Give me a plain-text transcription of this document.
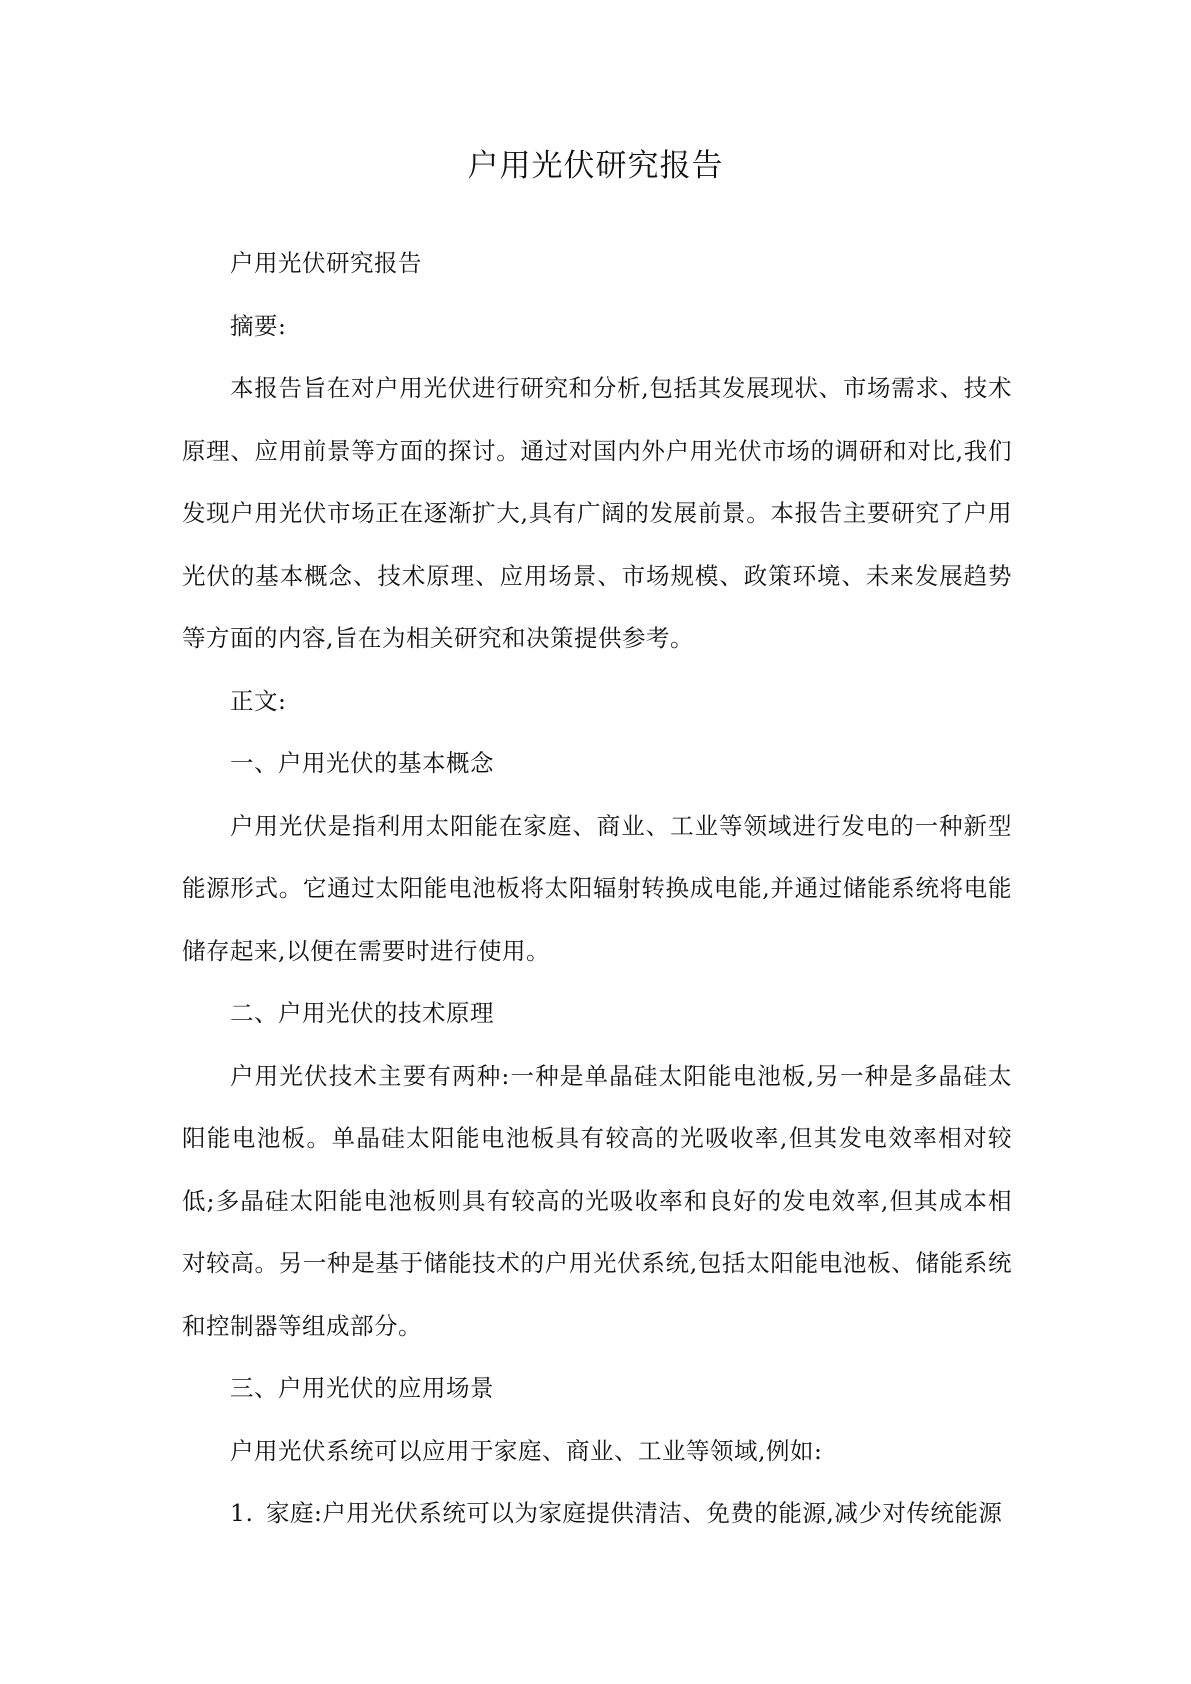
户用光伏研究报告

户用光伏研究报告

摘要:

本报告旨在对户用光伏进行研究和分析,包括其发展现状、市场需求、技术原理、应用前景等方面的探讨。通过对国内外户用光伏市场的调研和对比,我们发现户用光伏市场正在逐渐扩大,具有广阔的发展前景。本报告主要研究了户用光伏的基本概念、技术原理、应用场景、市场规模、政策环境、未来发展趋势等方面的内容,旨在为相关研究和决策提供参考。

正文:

一、户用光伏的基本概念

户用光伏是指利用太阳能在家庭、商业、工业等领域进行发电的一种新型能源形式。它通过太阳能电池板将太阳辐射转换成电能,并通过储能系统将电能储存起来,以便在需要时进行使用。

二、户用光伏的技术原理

户用光伏技术主要有两种:一种是单晶硅太阳能电池板,另一种是多晶硅太阳能电池板。单晶硅太阳能电池板具有较高的光吸收率,但其发电效率相对较低;多晶硅太阳能电池板则具有较高的光吸收率和良好的发电效率,但其成本相对较高。另一种是基于储能技术的户用光伏系统,包括太阳能电池板、储能系统和控制器等组成部分。

三、户用光伏的应用场景

户用光伏系统可以应用于家庭、商业、工业等领域,例如:

1. 家庭:户用光伏系统可以为家庭提供清洁、免费的能源,减少对传统能源
